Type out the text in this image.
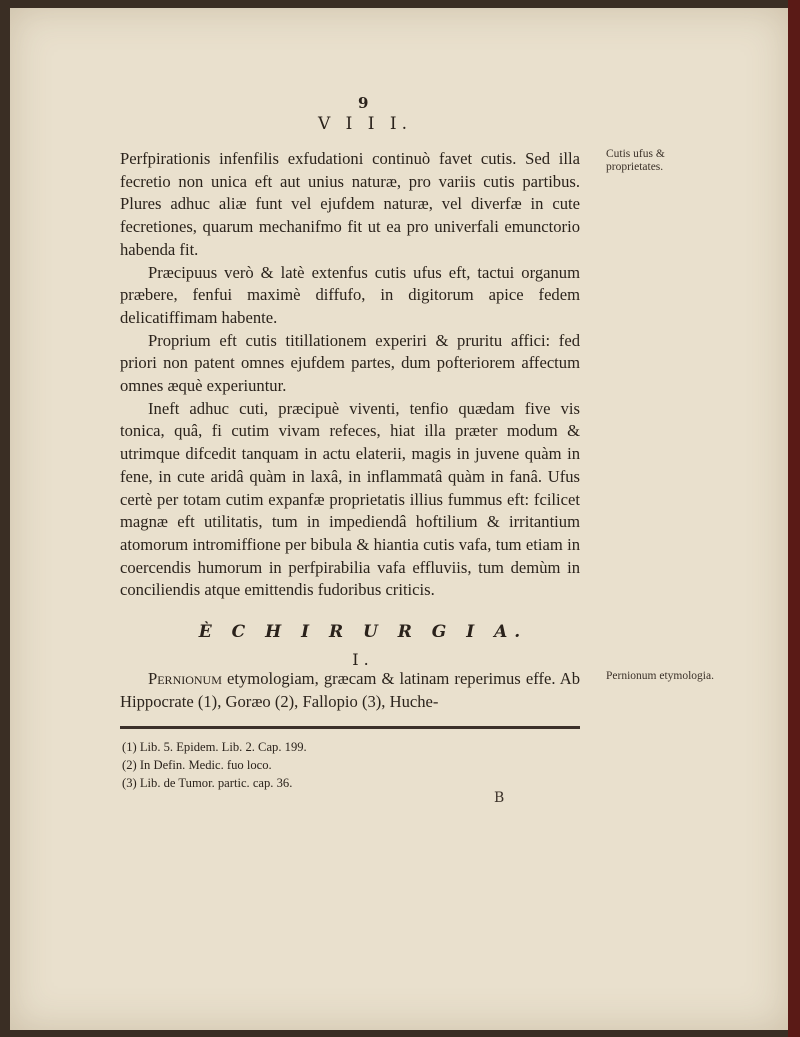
9
V I I I.

Perfpirationis infenfilis exfudationi continuò favet cutis. Sed illa fecretio non unica eft aut unius naturæ, pro variis cutis partibus. Plures adhuc aliæ funt vel ejufdem naturæ, vel diverfæ in cute fecretiones, quarum mechanifmo fit ut ea pro univerfali emunctorio habenda fit.

Præcipuus verò & latè extenfus cutis ufus eft, tactui organum præbere, fenfui maximè diffufo, in digitorum apice fedem delicatiffimam habente.

Proprium eft cutis titillationem experiri & pruritu affici: fed priori non patent omnes ejufdem partes, dum pofteriorem affectum omnes æquè experiuntur.

Ineft adhuc cuti, præcipuè viventi, tenfio quædam five vis tonica, quâ, fi cutim vivam refeces, hiat illa præter modum & utrimque difcedit tanquam in actu elaterii, magis in juvene quàm in fene, in cute aridâ quàm in laxâ, in inflammatâ quàm in fanâ. Ufus certè per totam cutim expanfæ proprietatis illius fummus eft: fcilicet magnæ eft utilitatis, tum in impediendâ hoftilium & irritantium atomorum intromiffione per bibula & hiantia cutis vafa, tum etiam in coercendis humorum in perfpirabilia vafa effluviis, tum demùm in conciliendis atque emittendis fudoribus criticis.

È C H I R U R G I A.
I.

Pernionum etymologiam, græcam & latinam reperimus effe. Ab Hippocrate (1), Goræo (2), Fallopio (3), Huche-

Cutis ufus & proprietates.
Pernionum etymologia.
(1) Lib. 5. Epidem. Lib. 2. Cap. 199.
(2) In Defin. Medic. fuo loco.
(3) Lib. de Tumor. partic. cap. 36.
B
